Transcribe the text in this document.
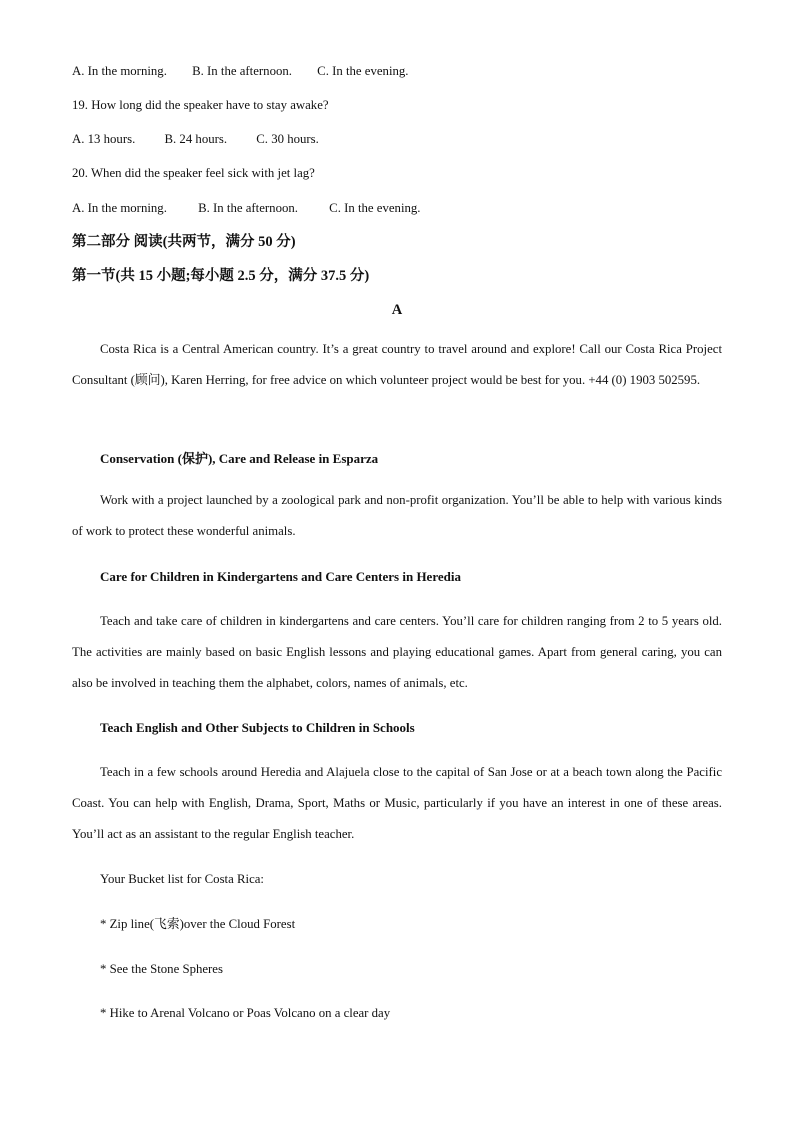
A. In the morning. B. In the afternoon. C. In the evening.
19. How long did the speaker have to stay awake?
A. 13 hours. B. 24 hours. C. 30 hours.
20. When did the speaker feel sick with jet lag?
A. In the morning. B. In the afternoon. C. In the evening.
第二部分 阅读(共两节，满分 50 分)
第一节(共 15 小题;每小题 2.5 分，满分 37.5 分)
A
Costa Rica is a Central American country. It’s a great country to travel around and explore! Call our Costa Rica Project Consultant (顾问), Karen Herring, for free advice on which volunteer project would be best for you. +44 (0) 1903 502595.
Conservation (保护), Care and Release in Esparza
Work with a project launched by a zoological park and non-profit organization. You’ll be able to help with various kinds of work to protect these wonderful animals.
Care for Children in Kindergartens and Care Centers in Heredia
Teach and take care of children in kindergartens and care centers. You’ll care for children ranging from 2 to 5 years old. The activities are mainly based on basic English lessons and playing educational games. Apart from general caring, you can also be involved in teaching them the alphabet, colors, names of animals, etc.
Teach English and Other Subjects to Children in Schools
Teach in a few schools around Heredia and Alajuela close to the capital of San Jose or at a beach town along the Pacific Coast. You can help with English, Drama, Sport, Maths or Music, particularly if you have an interest in one of these areas. You’ll act as an assistant to the regular English teacher.
Your Bucket list for Costa Rica:
* Zip line(飞索)over the Cloud Forest
* See the Stone Spheres
* Hike to Arenal Volcano or Poas Volcano on a clear day
